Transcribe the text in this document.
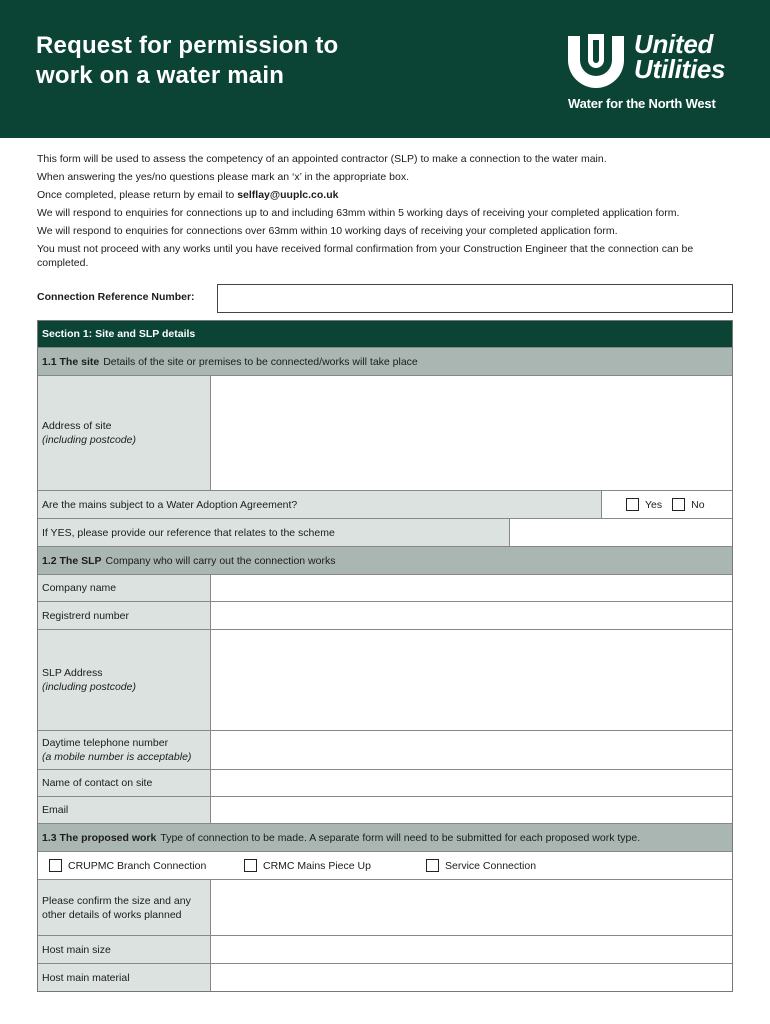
Request for permission to
work on a water main
United
Utilities
Water for the North West

This form will be used to assess the competency of an appointed contractor (SLP) to make a connection to the water main.

When answering the yes/no questions please mark an ‘x’ in the appropriate box.

Once completed, please return by email to selflay@uuplc.co.uk

We will respond to enquiries for connections up to and including 63mm within 5 working days of receiving your completed application form.

We will respond to enquiries for connections over 63mm within 10 working days of receiving your completed application form.

You must not proceed with any works until you have received formal confirmation from your Construction Engineer that the connection can be completed.

Connection Reference Number:
Section 1: Site and SLP details
1.1 The site Details of the site or premises to be connected/works will take place
Address of site
(including postcode)
Are the mains subject to a Water Adoption Agreement?	Yes	No
If YES, please provide our reference that relates to the scheme
1.2 The SLP Company who will carry out the connection works
Company name
Registrerd number
SLP Address
(including postcode)
Daytime telephone number
(a mobile number is acceptable)
Name of contact on site
Email
1.3 The proposed work Type of connection to be made. A separate form will need to be submitted for each proposed work type.
CRUPMC Branch Connection	CRMC Mains Piece Up	Service Connection
Please confirm the size and any other details of works planned
Host main size
Host main material
